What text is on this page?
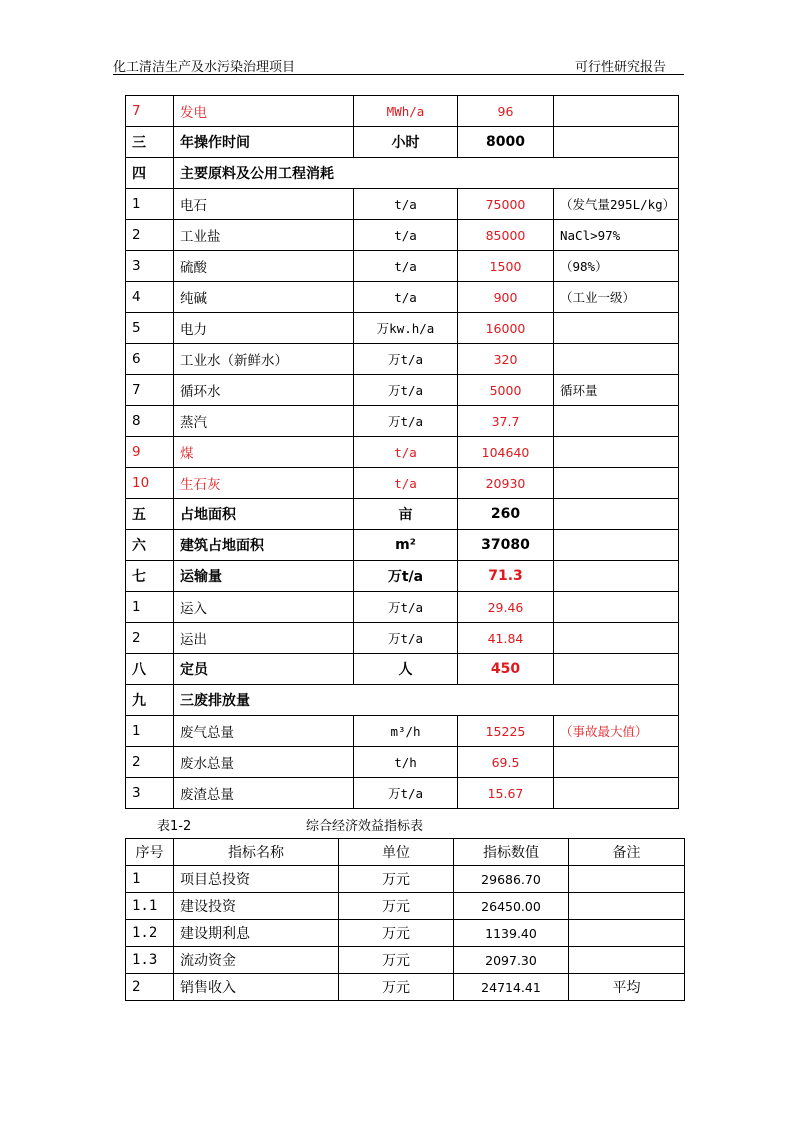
化工清洁生产及水污染治理项目	可行性研究报告
7	发电	MWh/a	96	
三	年操作时间	小时	8000	
四	主要原料及公用工程消耗			
1	电石	t/a	75000	（发气量295L/kg）
2	工业盐	t/a	85000	NaCl>97%
3	硫酸	t/a	1500	（98%）
4	纯碱	t/a	900	（工业一级）
5	电力	万kw.h/a	16000	
6	工业水（新鲜水）	万t/a	320	
7	循环水	万t/a	5000	循环量
8	蒸汽	万t/a	37.7	
9	煤	t/a	104640	
10	生石灰	t/a	20930	
五	占地面积	亩	260	
六	建筑占地面积	m²	37080	
七	运输量	万t/a	71.3	
1	运入	万t/a	29.46	
2	运出	万t/a	41.84	
八	定员	人	450	
九	三废排放量			
1	废气总量	m³/h	15225	（事故最大值）
2	废水总量	t/h	69.5	
3	废渣总量	万t/a	15.67	
表1-2	综合经济效益指标表
序号	指标名称	单位	指标数值	备注
1	项目总投资	万元	29686.70	
1.1	建设投资	万元	26450.00	
1.2	建设期利息	万元	1139.40	
1.3	流动资金	万元	2097.30	
2	销售收入	万元	24714.41	平均
